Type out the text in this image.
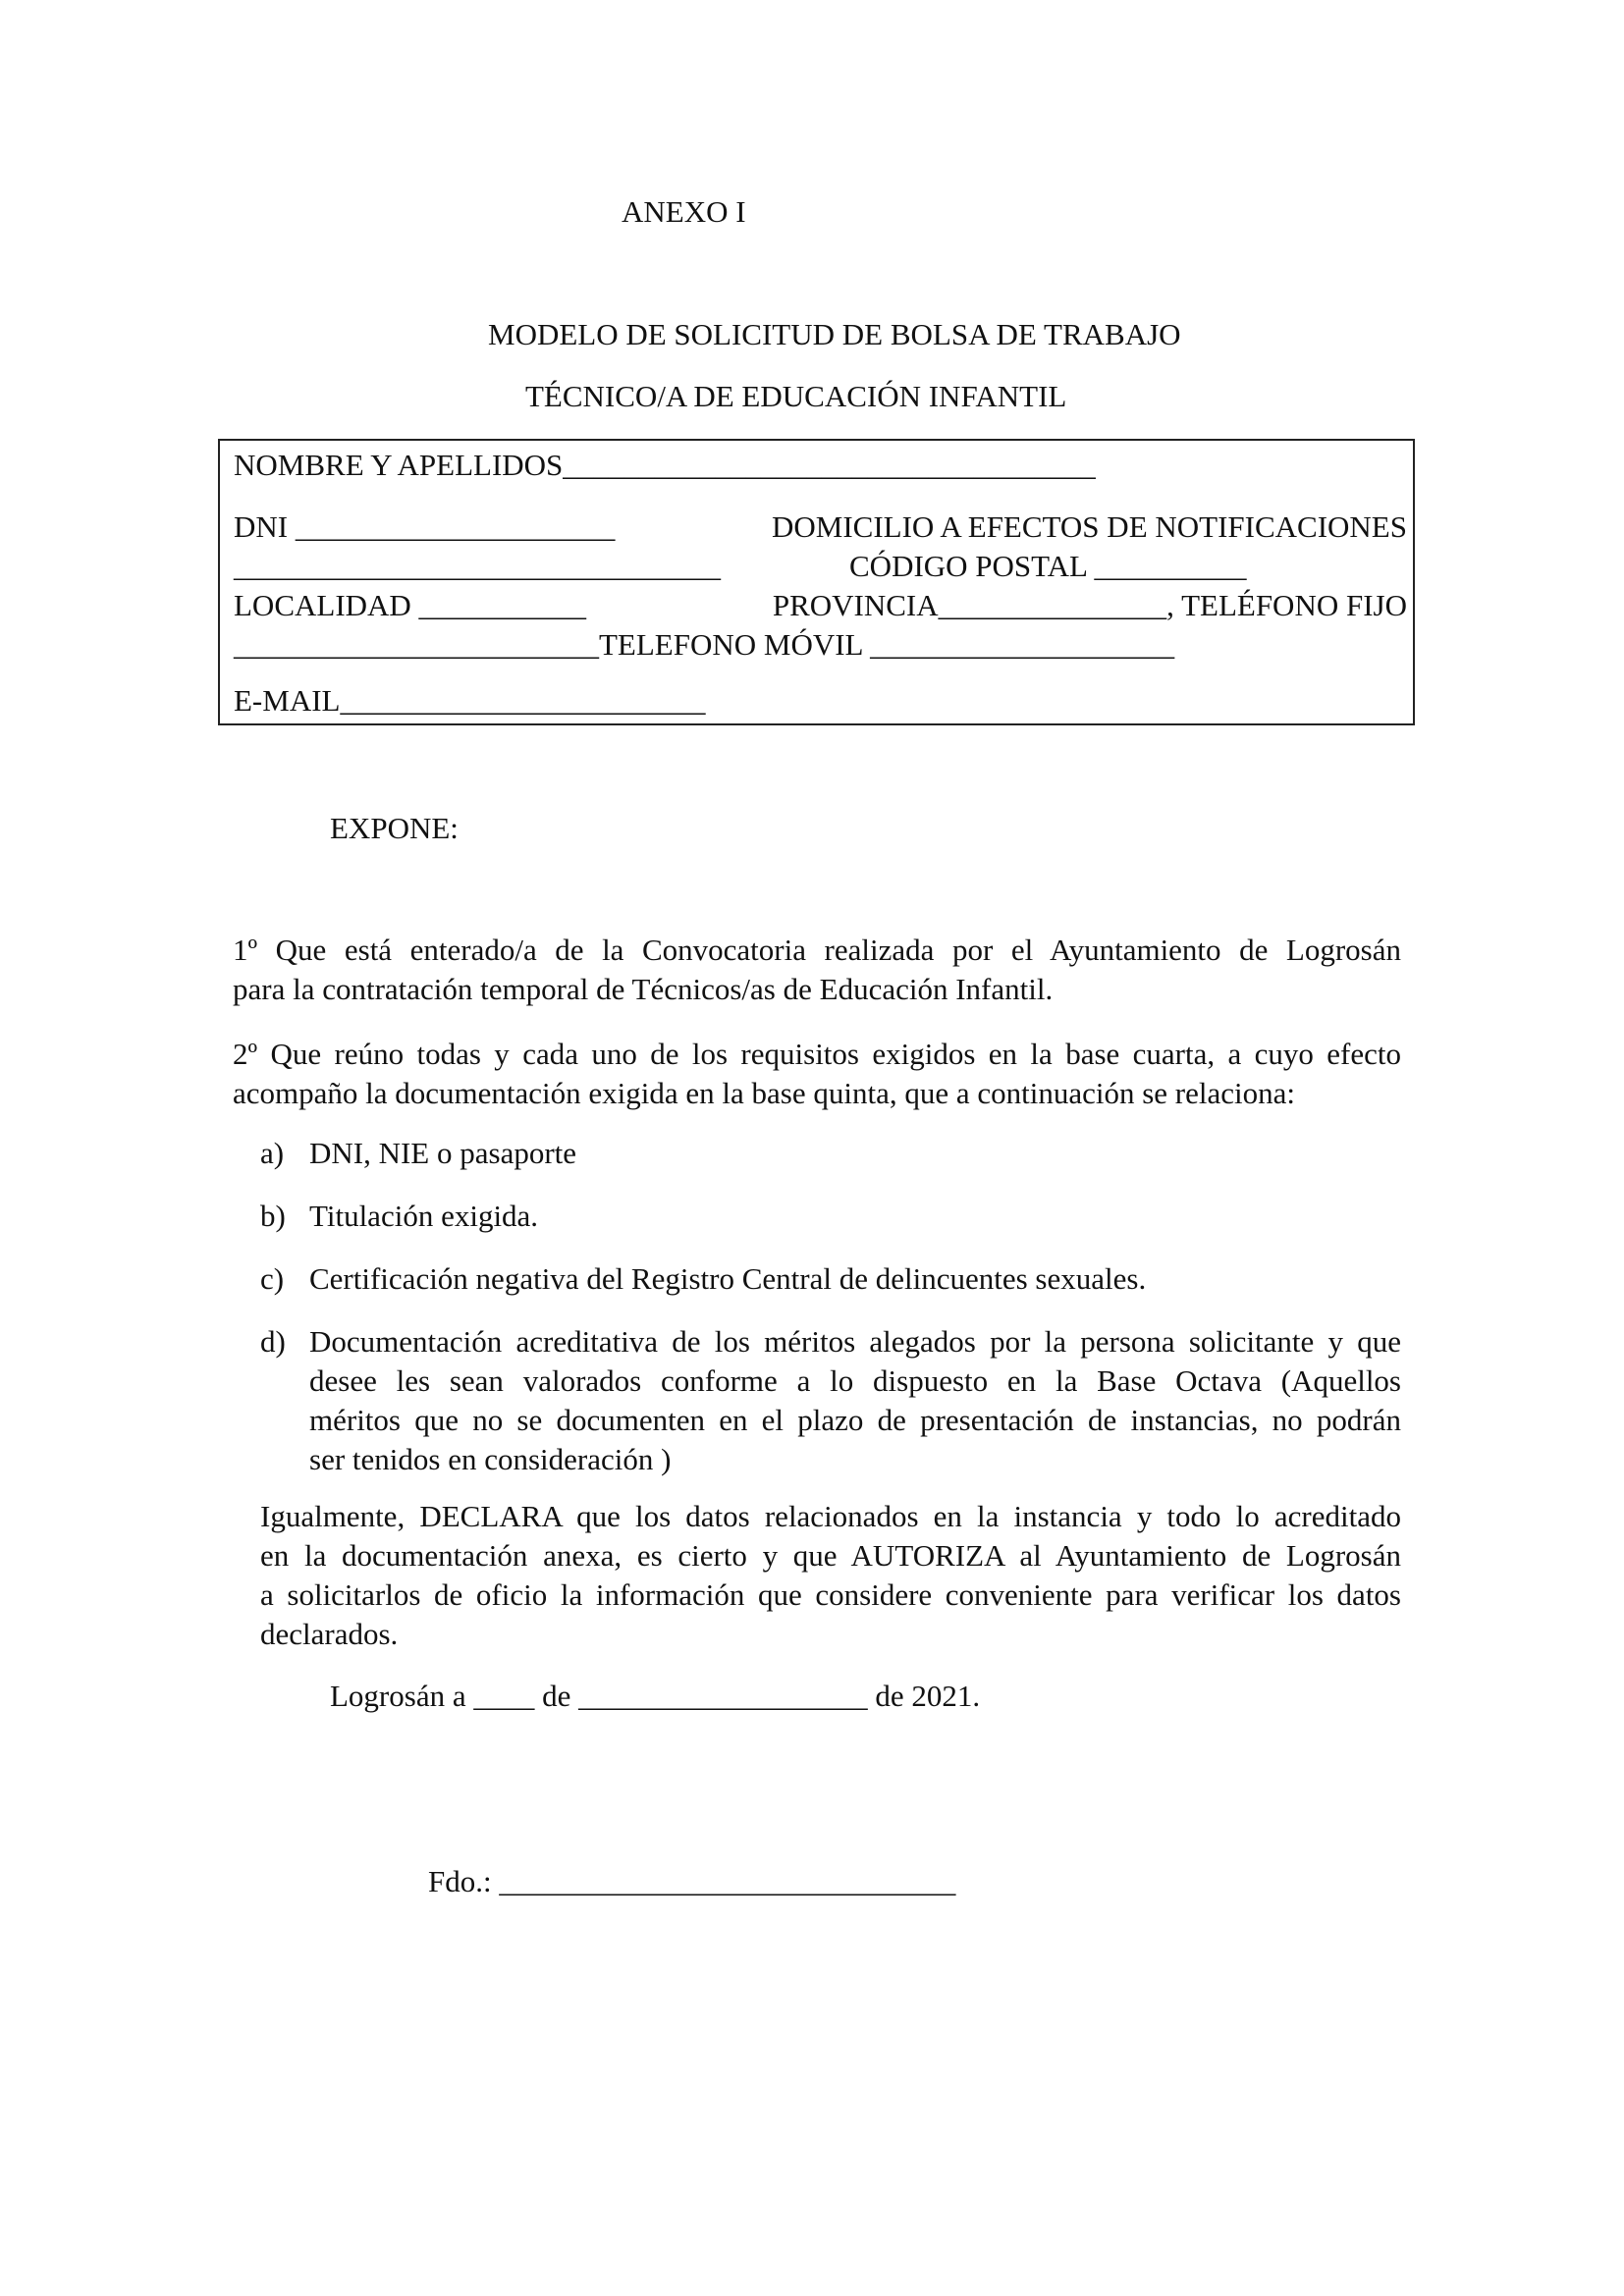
ANEXO I
MODELO DE SOLICITUD DE BOLSA DE TRABAJO
TÉCNICO/A DE EDUCACIÓN INFANTIL
NOMBRE Y APELLIDOS___________________________________
DNI _____________________	DOMICILIO A EFECTOS DE NOTIFICACIONES
________________________________	CÓDIGO POSTAL __________
LOCALIDAD ___________	PROVINCIA_______________, TELÉFONO FIJO
________________________TELEFONO MÓVIL ____________________
E-MAIL________________________
EXPONE:
1º Que está enterado/a de la Convocatoria realizada por el Ayuntamiento de Logrosán
para la contratación temporal de Técnicos/as de Educación Infantil.
2º Que reúno todas y cada uno de los requisitos exigidos en la base cuarta, a cuyo efecto
acompaño la documentación exigida en la base quinta, que a continuación se relaciona:
a) DNI, NIE o pasaporte
b) Titulación exigida.
c) Certificación negativa del Registro Central de delincuentes sexuales.
d) Documentación acreditativa de los méritos alegados por la persona solicitante y que
desee les sean valorados conforme a lo dispuesto en la Base Octava (Aquellos
méritos que no se documenten en el plazo de presentación de instancias, no podrán
ser tenidos en consideración )
Igualmente, DECLARA que los datos relacionados en la instancia y todo lo acreditado
en la documentación anexa, es cierto y que AUTORIZA al Ayuntamiento de Logrosán
a solicitarlos de oficio la información que considere conveniente para verificar los datos
declarados.
Logrosán a ____ de ___________________ de 2021.
Fdo.: ______________________________
